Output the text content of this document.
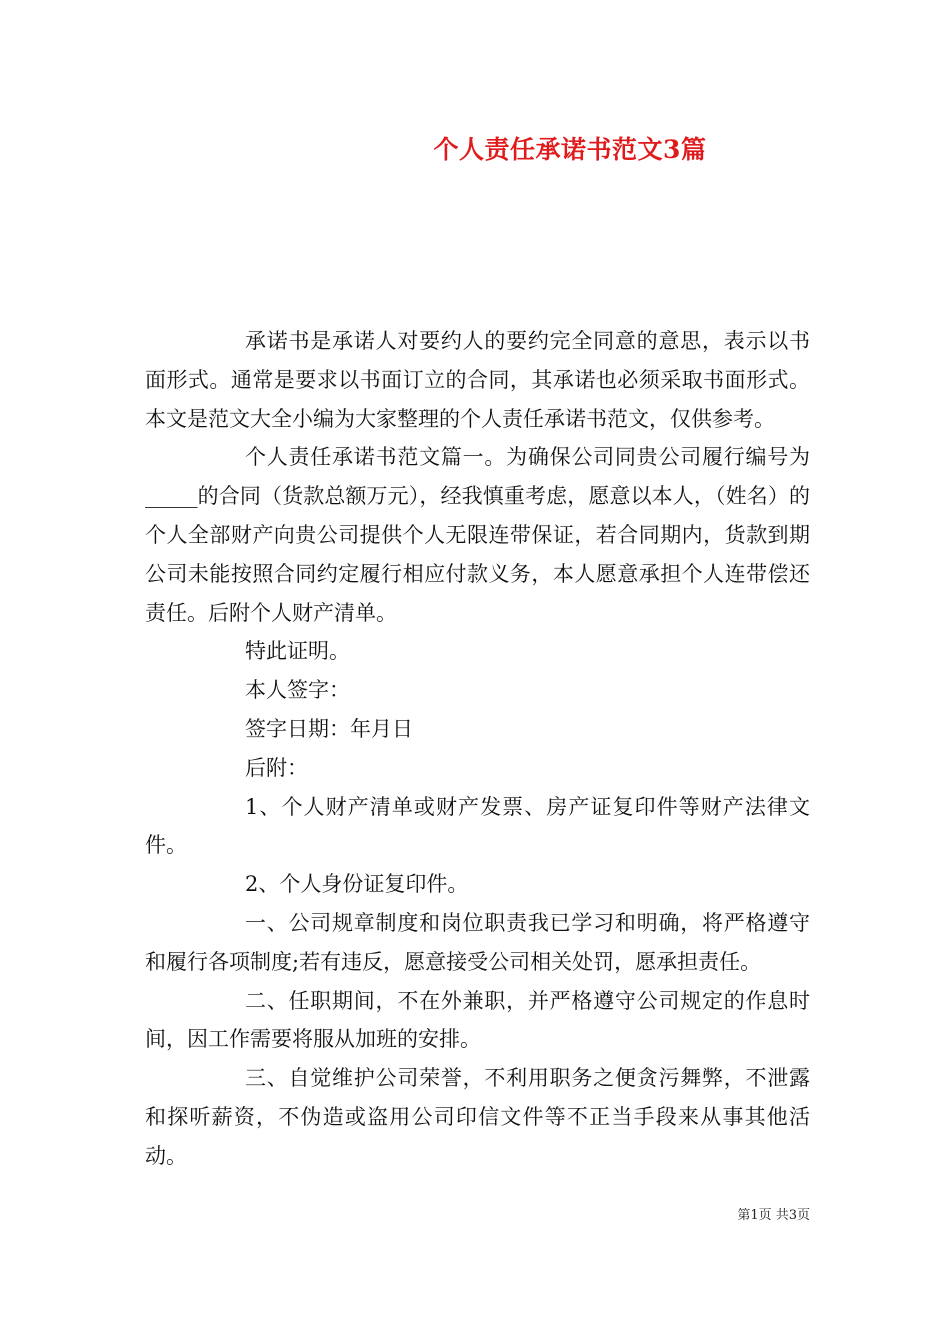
个人责任承诺书范文3篇

承诺书是承诺人对要约人的要约完全同意的意思，表示以书面形式。通常是要求以书面订立的合同，其承诺也必须采取书面形式。本文是范文大全小编为大家整理的个人责任承诺书范文，仅供参考。

个人责任承诺书范文篇一。为确保公司同贵公司履行编号为_____的合同（货款总额万元），经我慎重考虑，愿意以本人，（姓名）的个人全部财产向贵公司提供个人无限连带保证，若合同期内，货款到期公司未能按照合同约定履行相应付款义务，本人愿意承担个人连带偿还责任。后附个人财产清单。

特此证明。

本人签字：

签字日期：年月日

后附：

1、个人财产清单或财产发票、房产证复印件等财产法律文件。

2、个人身份证复印件。

一、公司规章制度和岗位职责我已学习和明确，将严格遵守和履行各项制度;若有违反，愿意接受公司相关处罚，愿承担责任。

二、任职期间，不在外兼职，并严格遵守公司规定的作息时间，因工作需要将服从加班的安排。

三、自觉维护公司荣誉，不利用职务之便贪污舞弊，不泄露和探听薪资，不伪造或盗用公司印信文件等不正当手段来从事其他活动。

第1页 共3页
